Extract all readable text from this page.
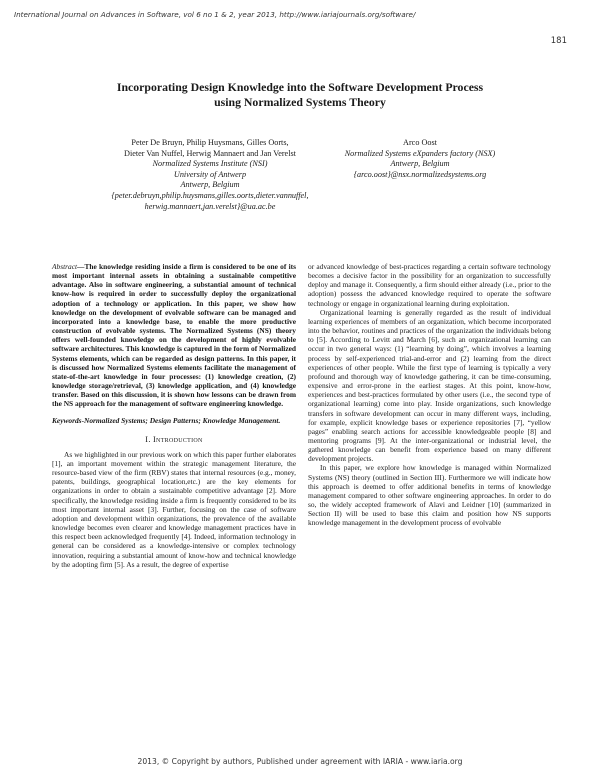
International Journal on Advances in Software, vol 6 no 1 & 2, year 2013, http://www.iariajournals.org/software/
181
Incorporating Design Knowledge into the Software Development Process
using Normalized Systems Theory
Peter De Bruyn, Philip Huysmans, Gilles Oorts,
Dieter Van Nuffel, Herwig Mannaert and Jan Verelst
Normalized Systems Institute (NSI)
University of Antwerp
Antwerp, Belgium
{peter.debruyn,philip.huysmans,gilles.oorts,dieter.vannuffel,
herwig.mannaert,jan.verelst}@ua.ac.be
Arco Oost
Normalized Systems eXpanders factory (NSX)
Antwerp, Belgium
{arco.oost}@nsx.normalizedsystems.org
Abstract—The knowledge residing inside a firm is considered to be one of its most important internal assets in obtaining a sustainable competitive advantage. Also in software engineering, a substantial amount of technical know-how is required in order to successfully deploy the organizational adoption of a technology or application. In this paper, we show how knowledge on the development of evolvable software can be managed and incorporated into a knowledge base, to enable the more productive construction of evolvable systems. The Normalized Systems (NS) theory offers well-founded knowledge on the development of highly evolvable software architectures. This knowledge is captured in the form of Normalized Systems elements, which can be regarded as design patterns. In this paper, it is discussed how Normalized Systems elements facilitate the management of state-of-the-art knowledge in four processes: (1) knowledge creation, (2) knowledge storage/retrieval, (3) knowledge application, and (4) knowledge transfer. Based on this discussion, it is shown how lessons can be drawn from the NS approach for the management of software engineering knowledge.
Keywords-Normalized Systems; Design Patterns; Knowledge Management.
I. Introduction

As we highlighted in our previous work on which this paper further elaborates [1], an important movement within the strategic management literature, the resource-based view of the firm (RBV) states that internal resources (e.g., money, patents, buildings, geographical location,etc.) are the key elements for organizations in order to obtain a sustainable competitive advantage [2]. More specifically, the knowledge residing inside a firm is frequently considered to be its most important internal asset [3]. Further, focusing on the case of software adoption and development within organizations, the prevalence of the available knowledge becomes even clearer and knowledge management practices have in this respect been acknowledged frequently [4]. Indeed, information technology in general can be considered as a knowledge-intensive or complex technology innovation, requiring a substantial amount of know-how and technical knowledge by the adopting firm [5]. As a result, the degree of expertise

or advanced knowledge of best-practices regarding a certain software technology becomes a decisive factor in the possibility for an organization to successfully deploy and manage it. Consequently, a firm should either already (i.e., prior to the adoption) possess the advanced knowledge required to operate the software technology or engage in organizational learning during exploitation.

Organizational learning is generally regarded as the result of individual learning experiences of members of an organization, which become incorporated into the behavior, routines and practices of the organization the individuals belong to [5]. According to Levitt and March [6], such an organizational learning can occur in two general ways: (1) “learning by doing”, which involves a learning process by self-experienced trial-and-error and (2) learning from the direct experiences of other people. While the first type of learning is typically a very profound and thorough way of knowledge gathering, it can be time-consuming, expensive and error-prone in the earliest stages. At this point, know-how, experiences and best-practices formulated by other users (i.e., the second type of organizational learning) come into play. Inside organizations, such knowledge transfers in software development can occur in many different ways, including, for example, explicit knowledge bases or experience repositories [7], “yellow pages” enabling search actions for accessible knowledgeable people [8] and mentoring programs [9]. At the inter-organizational or industrial level, the gathered knowledge can benefit from experience based on many different development projects.

In this paper, we explore how knowledge is managed within Normalized Systems (NS) theory (outlined in Section III). Furthermore we will indicate how this approach is deemed to offer additional benefits in terms of knowledge management compared to other software engineering approaches. In order to do so, the widely accepted framework of Alavi and Leidner [10] (summarized in Section II) will be used to base this claim and position how NS supports knowledge management in the development process of evolvable

2013, © Copyright by authors, Published under agreement with IARIA - www.iaria.org
